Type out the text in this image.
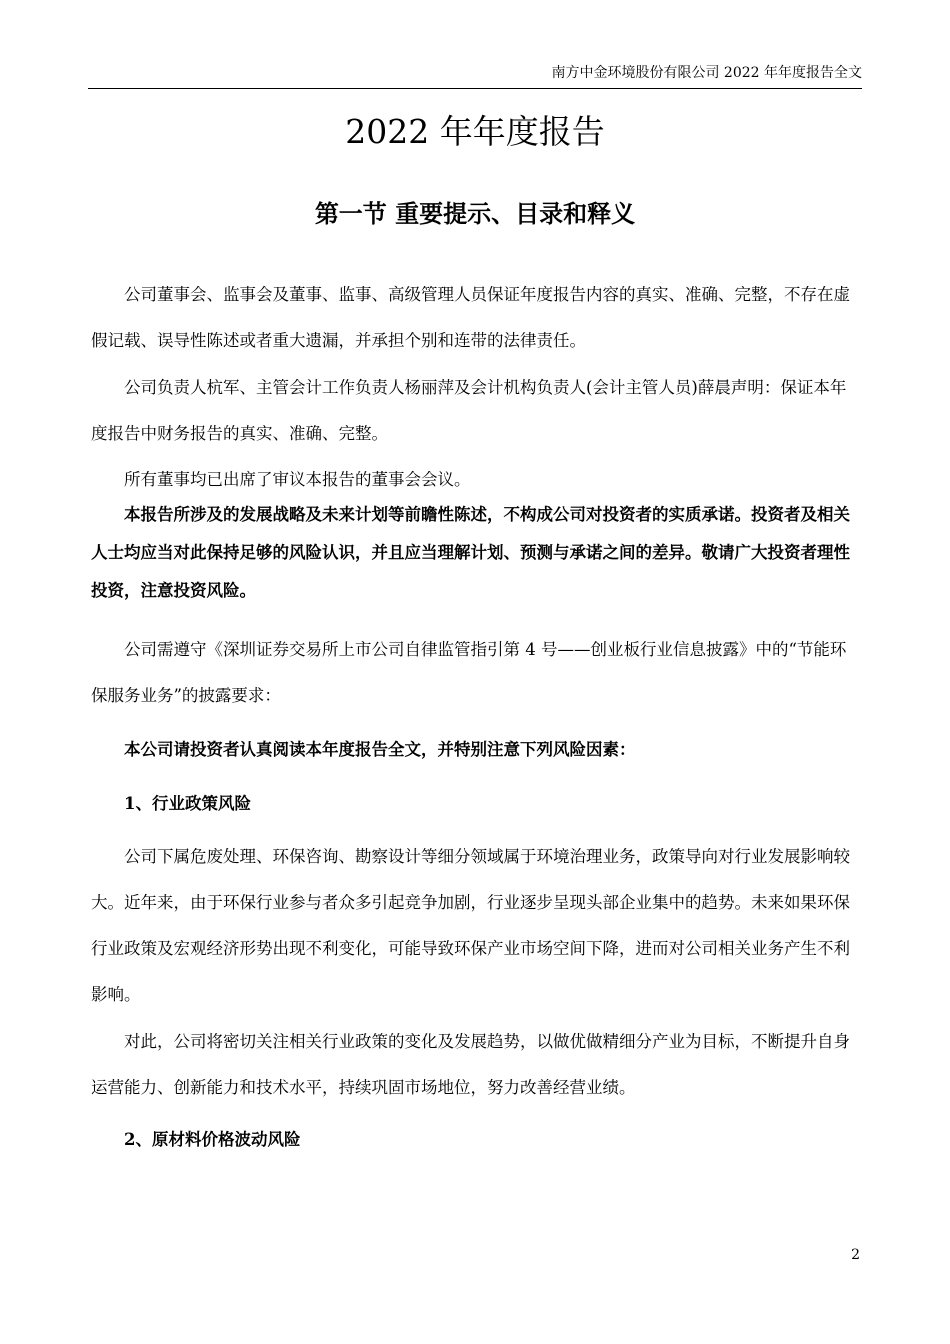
南方中金环境股份有限公司 2022 年年度报告全文
2022 年年度报告
第一节 重要提示、目录和释义

公司董事会、监事会及董事、监事、高级管理人员保证年度报告内容的真实、准确、完整，不存在虚假记载、误导性陈述或者重大遗漏，并承担个别和连带的法律责任。

公司负责人杭军、主管会计工作负责人杨丽萍及会计机构负责人(会计主管人员)薛晨声明：保证本年度报告中财务报告的真实、准确、完整。

所有董事均已出席了审议本报告的董事会会议。

本报告所涉及的发展战略及未来计划等前瞻性陈述，不构成公司对投资者的实质承诺。投资者及相关人士均应当对此保持足够的风险认识，并且应当理解计划、预测与承诺之间的差异。敬请广大投资者理性投资，注意投资风险。

公司需遵守《深圳证券交易所上市公司自律监管指引第 4 号——创业板行业信息披露》中的“节能环保服务业务”的披露要求：

本公司请投资者认真阅读本年度报告全文，并特别注意下列风险因素：

1、行业政策风险

公司下属危废处理、环保咨询、勘察设计等细分领域属于环境治理业务，政策导向对行业发展影响较大。近年来，由于环保行业参与者众多引起竞争加剧，行业逐步呈现头部企业集中的趋势。未来如果环保行业政策及宏观经济形势出现不利变化，可能导致环保产业市场空间下降，进而对公司相关业务产生不利影响。

对此，公司将密切关注相关行业政策的变化及发展趋势，以做优做精细分产业为目标，不断提升自身运营能力、创新能力和技术水平，持续巩固市场地位，努力改善经营业绩。

2、原材料价格波动风险

2
